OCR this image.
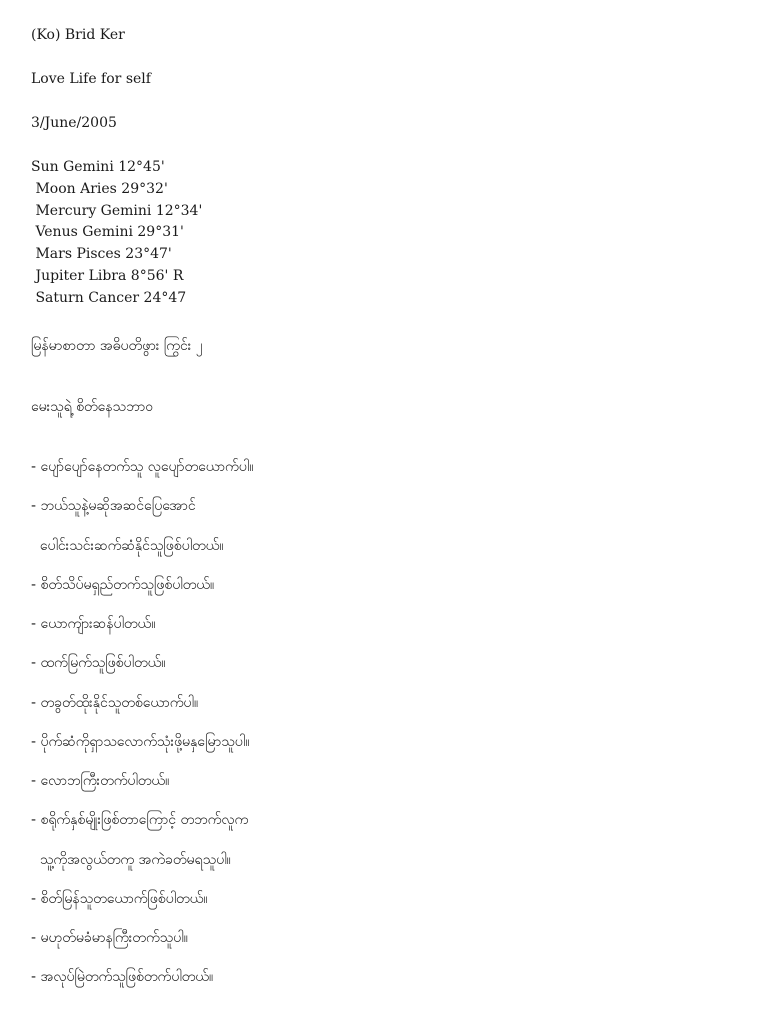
(Ko) Brid Ker
Love Life for self
3/June/2005
Sun Gemini 12°45'
Moon Aries 29°32'
Mercury Gemini 12°34'
Venus Gemini 29°31'
Mars Pisces 23°47'
Jupiter Libra 8°56' R
Saturn Cancer 24°47
မြန်မာစာတာ အဓိပတိဖွား ကြွင်း ၂
မေးသူရဲ့ စိတ်နေသဘာဝ
- ပျော်ပျော်နေတက်သူ လူပျော်တယောက်ပါ။
- ဘယ်သူနဲ့မဆိုအဆင်ပြေအောင်
ပေါင်းသင်းဆက်ဆံနိုင်သူဖြစ်ပါတယ်။
- စိတ်သိပ်မရှည်တက်သူဖြစ်ပါတယ်။
- ယောကျ်ားဆန်ပါတယ်။
- ထက်မြက်သူဖြစ်ပါတယ်။
- တခွတ်ထိုးနိုင်သူတစ်ယောက်ပါ။
- ပိုက်ဆံကိုရှာသလောက်သုံးဖို့မနှမြောသူပါ။
- လောဘကြီးတက်ပါတယ်။
- စရိုက်နှစ်မျိုးဖြစ်တာကြောင့် တဘက်လူက
သူ့ကိုအလွယ်တကူ အကဲခတ်မရသူပါ။
- စိတ်မြန်သူတယောက်ဖြစ်ပါတယ်။
- မဟုတ်မခံမာနကြီးတက်သူပါ။
- အလုပ်မြဲတက်သူဖြစ်တက်ပါတယ်။
